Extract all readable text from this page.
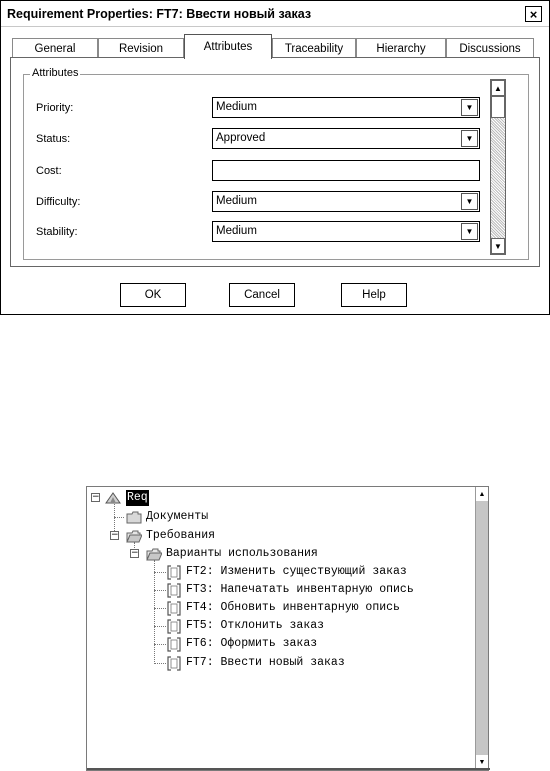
Requirement Properties: FT7: Ввести новый заказ	×
General	Revision	Attributes	Traceability	Hierarchy	Discussions
Attributes
Priority:	Medium	▼
Status:	Approved	▼
Cost:
Difficulty:	Medium	▼
Stability:	Medium	▼
▲
▼
OK	Cancel	Help
− Req
Документы
− Требования
− Варианты использования
FT2: Изменить существующий заказ
FT3: Напечатать инвентарную опись
FT4: Обновить инвентарную опись
FT5: Отклонить заказ
FT6: Оформить заказ
FT7: Ввести новый заказ
▲
▼
